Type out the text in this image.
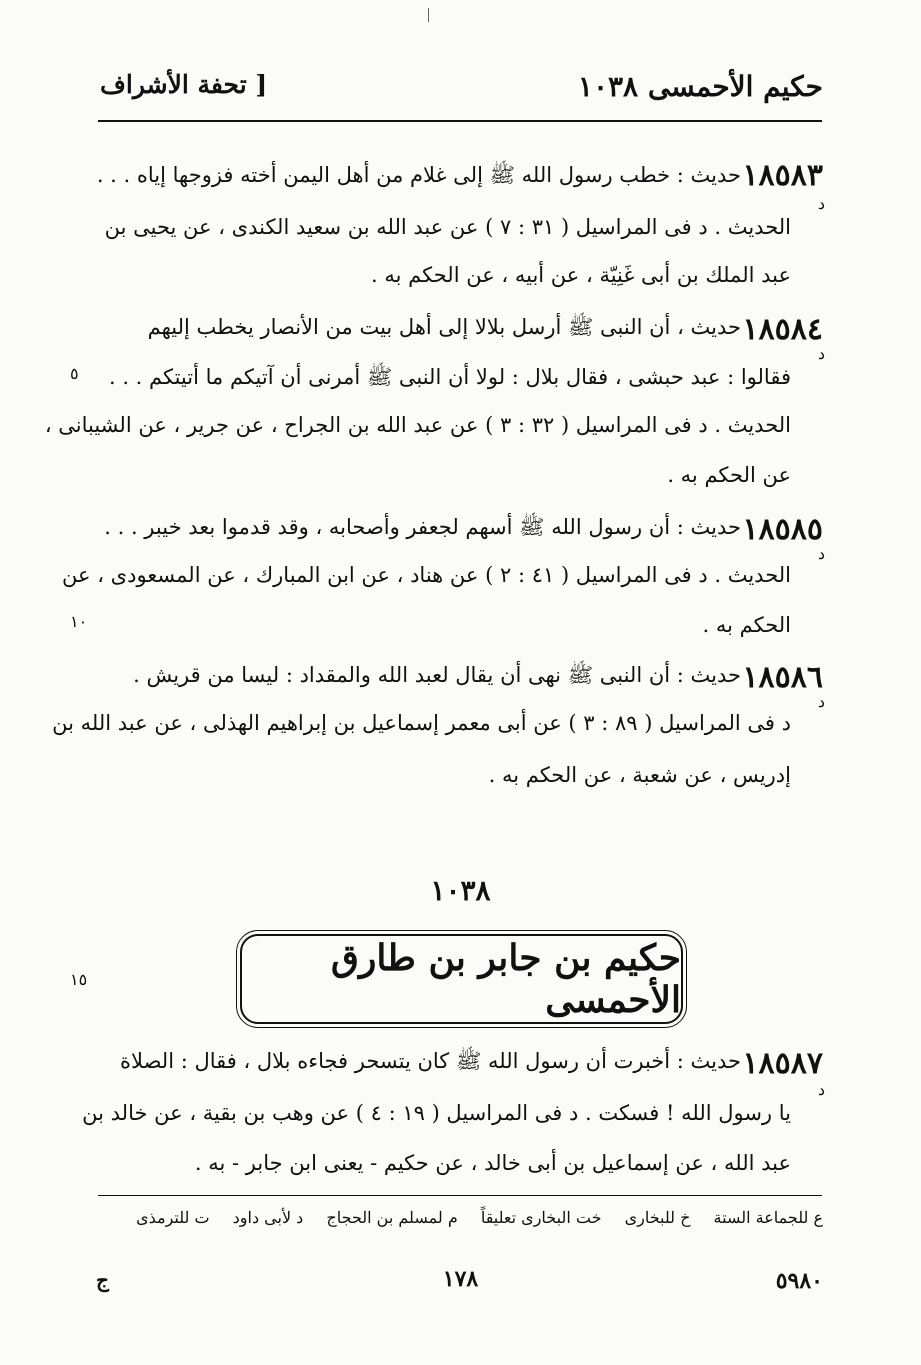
حكيم الأحمسى ١٠٣٨
[ تحفة الأشراف
١٨٥٨٣
د
حديث : خطب رسول الله ﷺ إلى غلام من أهل اليمن أخته فزوجها إياه . . .
الحديث . د فى المراسيل ( ٣١ : ٧ ) عن عبد الله بن سعيد الكندى ، عن يحيى بن
عبد الملك بن أبى غَنِيّة ، عن أبيه ، عن الحكم به .
١٨٥٨٤
د
حديث ، أن النبى ﷺ أرسل بلالا إلى أهل بيت من الأنصار يخطب إليهم
فقالوا : عبد حبشى ، فقال بلال : لولا أن النبى ﷺ أمرنى أن آتيكم ما أتيتكم . . .
الحديث . د فى المراسيل ( ٣٢ : ٣ ) عن عبد الله بن الجراح ، عن جرير ، عن الشيبانى ،
عن الحكم به .
١٨٥٨٥
د
حديث : أن رسول الله ﷺ أسهم لجعفر وأصحابه ، وقد قدموا بعد خيبر . . .
الحديث . د فى المراسيل ( ٤١ : ٢ ) عن هناد ، عن ابن المبارك ، عن المسعودى ، عن
الحكم به .
١٨٥٨٦
د
حديث : أن النبى ﷺ نهى أن يقال لعبد الله والمقداد : ليسا من قريش .
د فى المراسيل ( ٨٩ : ٣ ) عن أبى معمر إسماعيل بن إبراهيم الهذلى ، عن عبد الله بن
إدريس ، عن شعبة ، عن الحكم به .
٥
١٠
١٥
١٠٣٨
حكيم بن جابر بن طارق الأحمسى
١٨٥٨٧
د
حديث : أخبرت أن رسول الله ﷺ كان يتسحر فجاءه بلال ، فقال : الصلاة
يا رسول الله ! فسكت . د فى المراسيل ( ١٩ : ٤ ) عن وهب بن بقية ، عن خالد بن
عبد الله ، عن إسماعيل بن أبى خالد ، عن حكيم - يعنى ابن جابر - به .
ع للجماعة الستة خ للبخارى خت البخارى تعليقاً م لمسلم بن الحجاج د لأبى داود ت للترمذى
ج	١٧٨	٥٩٨٠
